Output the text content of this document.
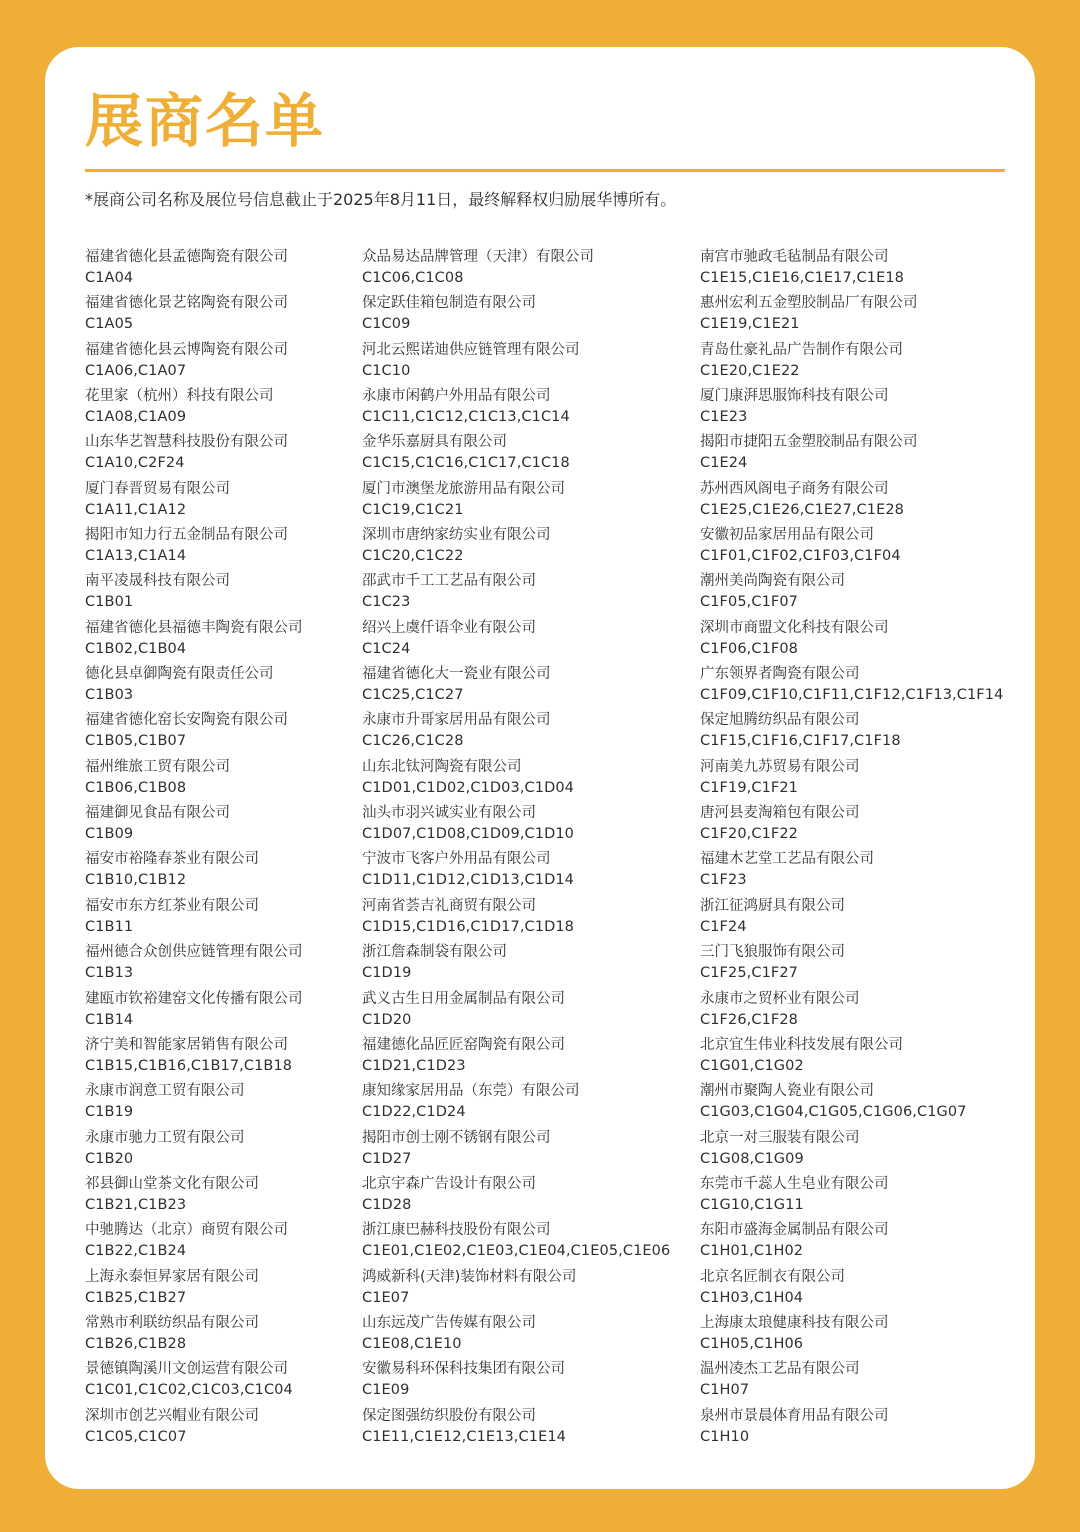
展商名单
*展商公司名称及展位号信息截止于2025年8月11日，最终解释权归励展华博所有。
福建省德化县孟德陶瓷有限公司
C1A04
福建省德化景艺铭陶瓷有限公司
C1A05
福建省德化县云博陶瓷有限公司
C1A06,C1A07
花里家（杭州）科技有限公司
C1A08,C1A09
山东华艺智慧科技股份有限公司
C1A10,C2F24
厦门春晋贸易有限公司
C1A11,C1A12
揭阳市知力行五金制品有限公司
C1A13,C1A14
南平凌晟科技有限公司
C1B01
福建省德化县福德丰陶瓷有限公司
C1B02,C1B04
德化县卓御陶瓷有限责任公司
C1B03
福建省德化窑长安陶瓷有限公司
C1B05,C1B07
福州维旅工贸有限公司
C1B06,C1B08
福建御见食品有限公司
C1B09
福安市裕隆春茶业有限公司
C1B10,C1B12
福安市东方红茶业有限公司
C1B11
福州德合众创供应链管理有限公司
C1B13
建瓯市钦裕建窑文化传播有限公司
C1B14
济宁美和智能家居销售有限公司
C1B15,C1B16,C1B17,C1B18
永康市润意工贸有限公司
C1B19
永康市驰力工贸有限公司
C1B20
祁县御山堂茶文化有限公司
C1B21,C1B23
中驰腾达（北京）商贸有限公司
C1B22,C1B24
上海永泰恒昇家居有限公司
C1B25,C1B27
常熟市利联纺织品有限公司
C1B26,C1B28
景德镇陶溪川文创运营有限公司
C1C01,C1C02,C1C03,C1C04
深圳市创艺兴帽业有限公司
C1C05,C1C07
众品易达品牌管理（天津）有限公司
C1C06,C1C08
保定跃佳箱包制造有限公司
C1C09
河北云熙诺迪供应链管理有限公司
C1C10
永康市闲鹤户外用品有限公司
C1C11,C1C12,C1C13,C1C14
金华乐嘉厨具有限公司
C1C15,C1C16,C1C17,C1C18
厦门市澳堡龙旅游用品有限公司
C1C19,C1C21
深圳市唐纳家纺实业有限公司
C1C20,C1C22
邵武市千工工艺品有限公司
C1C23
绍兴上虞仟语伞业有限公司
C1C24
福建省德化大一瓷业有限公司
C1C25,C1C27
永康市升哥家居用品有限公司
C1C26,C1C28
山东北钛河陶瓷有限公司
C1D01,C1D02,C1D03,C1D04
汕头市羽兴诚实业有限公司
C1D07,C1D08,C1D09,C1D10
宁波市飞客户外用品有限公司
C1D11,C1D12,C1D13,C1D14
河南省荟吉礼商贸有限公司
C1D15,C1D16,C1D17,C1D18
浙江詹森制袋有限公司
C1D19
武义古生日用金属制品有限公司
C1D20
福建德化品匠匠窑陶瓷有限公司
C1D21,C1D23
康知缘家居用品（东莞）有限公司
C1D22,C1D24
揭阳市创士刚不锈钢有限公司
C1D27
北京宇森广告设计有限公司
C1D28
浙江康巴赫科技股份有限公司
C1E01,C1E02,C1E03,C1E04,C1E05,C1E06
鸿威新科(天津)装饰材料有限公司
C1E07
山东远茂广告传媒有限公司
C1E08,C1E10
安徽易科环保科技集团有限公司
C1E09
保定图强纺织股份有限公司
C1E11,C1E12,C1E13,C1E14
南宫市驰政毛毡制品有限公司
C1E15,C1E16,C1E17,C1E18
惠州宏利五金塑胶制品厂有限公司
C1E19,C1E21
青岛仕豪礼品广告制作有限公司
C1E20,C1E22
厦门康湃思服饰科技有限公司
C1E23
揭阳市捷阳五金塑胶制品有限公司
C1E24
苏州西风阁电子商务有限公司
C1E25,C1E26,C1E27,C1E28
安徽初品家居用品有限公司
C1F01,C1F02,C1F03,C1F04
潮州美尚陶瓷有限公司
C1F05,C1F07
深圳市商盟文化科技有限公司
C1F06,C1F08
广东领界者陶瓷有限公司
C1F09,C1F10,C1F11,C1F12,C1F13,C1F14
保定旭腾纺织品有限公司
C1F15,C1F16,C1F17,C1F18
河南美九苏贸易有限公司
C1F19,C1F21
唐河县麦淘箱包有限公司
C1F20,C1F22
福建木艺堂工艺品有限公司
C1F23
浙江征鸿厨具有限公司
C1F24
三门飞狼服饰有限公司
C1F25,C1F27
永康市之贸杯业有限公司
C1F26,C1F28
北京宜生伟业科技发展有限公司
C1G01,C1G02
潮州市聚陶人瓷业有限公司
C1G03,C1G04,C1G05,C1G06,C1G07
北京一对三服装有限公司
C1G08,C1G09
东莞市千蕊人生皂业有限公司
C1G10,C1G11
东阳市盛海金属制品有限公司
C1H01,C1H02
北京名匠制衣有限公司
C1H03,C1H04
上海康太琅健康科技有限公司
C1H05,C1H06
温州凌杰工艺品有限公司
C1H07
泉州市景晨体育用品有限公司
C1H10
